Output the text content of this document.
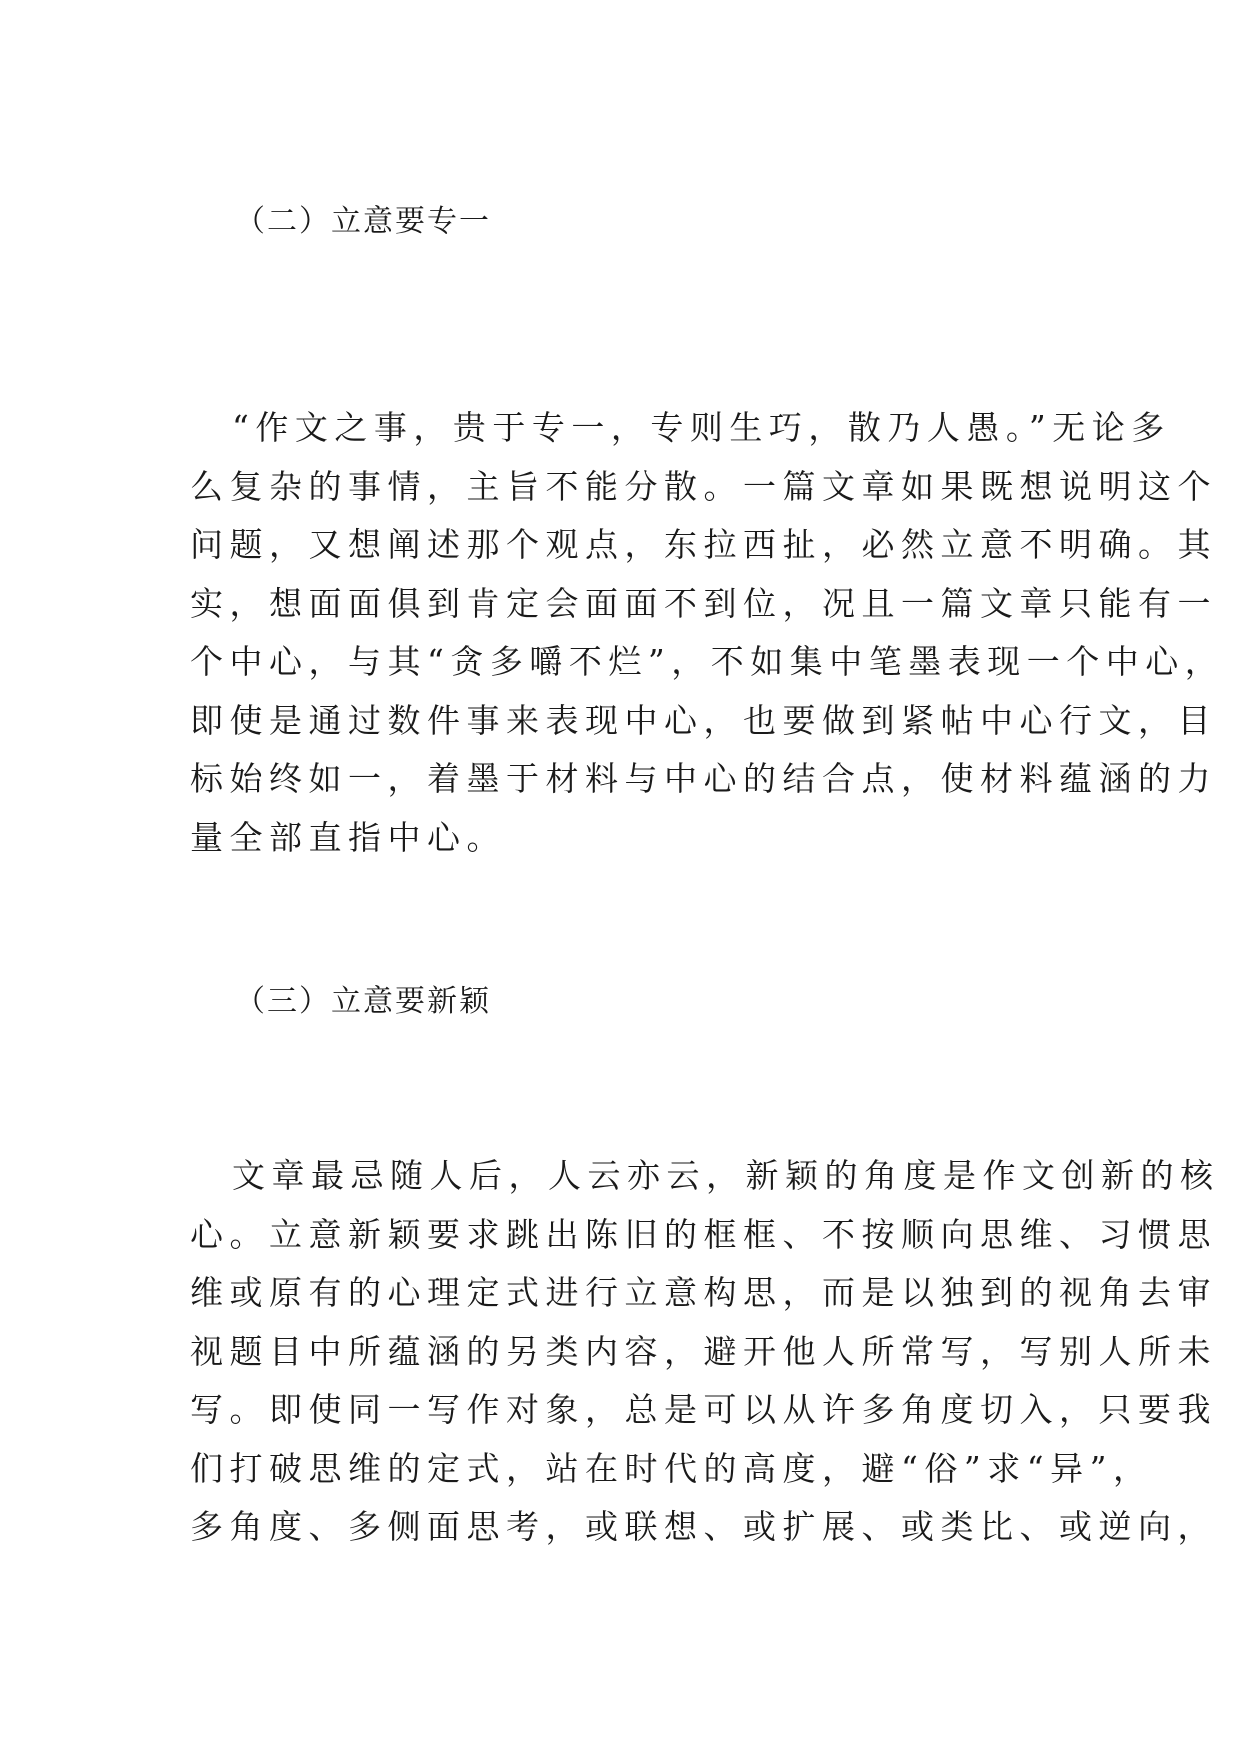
（二）立意要专一
“作文之事，贵于专一，专则生巧，散乃人愚。”无论多
么复杂的事情，主旨不能分散。一篇文章如果既想说明这个
问题，又想阐述那个观点，东拉西扯，必然立意不明确。其
实，想面面俱到肯定会面面不到位，况且一篇文章只能有一
个中心，与其“贪多嚼不烂”，不如集中笔墨表现一个中心，
即使是通过数件事来表现中心，也要做到紧帖中心行文，目
标始终如一，着墨于材料与中心的结合点，使材料蕴涵的力
量全部直指中心。
（三）立意要新颖
文章最忌随人后，人云亦云，新颖的角度是作文创新的核
心。立意新颖要求跳出陈旧的框框、不按顺向思维、习惯思
维或原有的心理定式进行立意构思，而是以独到的视角去审
视题目中所蕴涵的另类内容，避开他人所常写，写别人所未
写。即使同一写作对象，总是可以从许多角度切入，只要我
们打破思维的定式，站在时代的高度，避“俗”求“异”，
多角度、多侧面思考，或联想、或扩展、或类比、或逆向，
